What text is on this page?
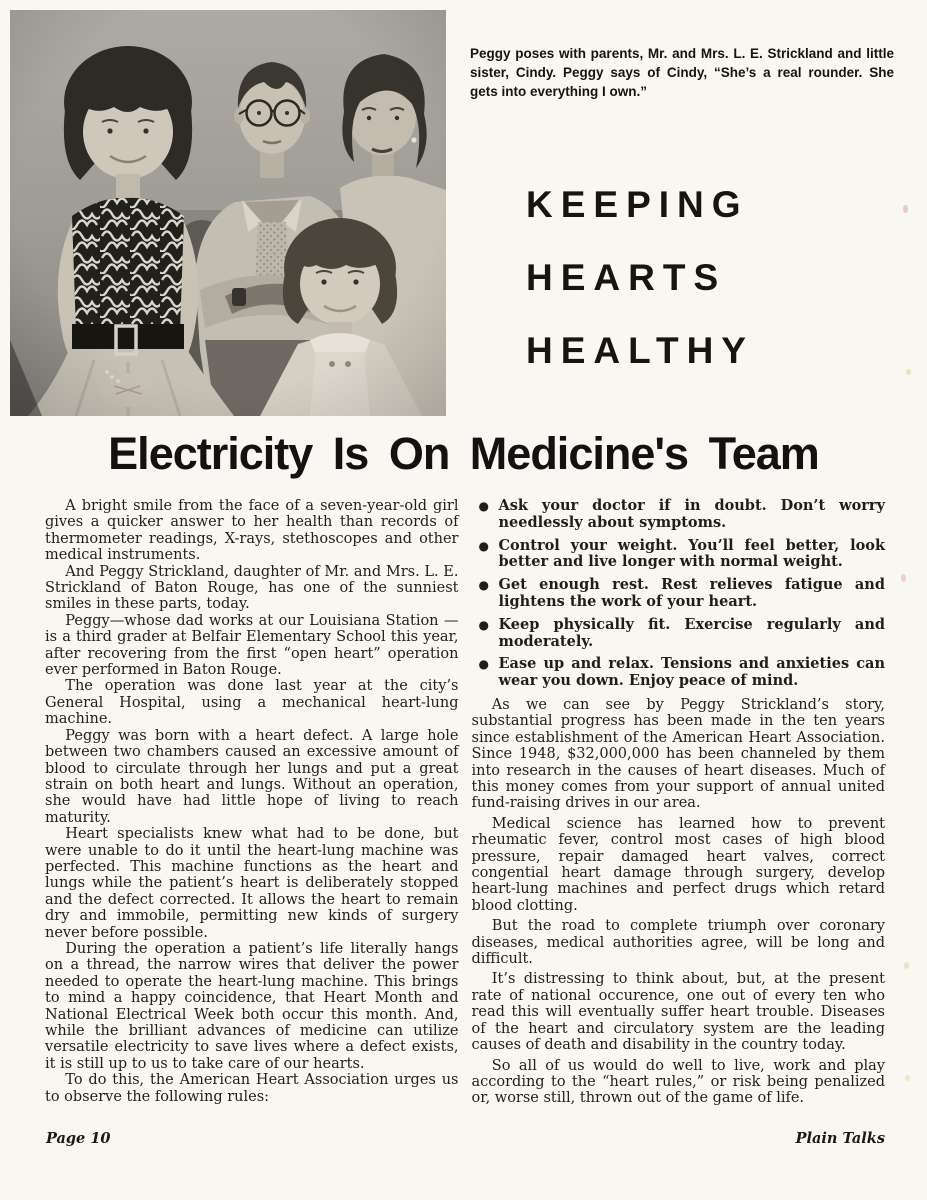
Peggy poses with parents, Mr. and Mrs. L. E. Strickland and little sister, Cindy. Peggy says of Cindy, “She’s a real rounder. She gets into everything I own.”

KEEPING
HEARTS
HEALTHY
Electricity Is On Medicine's Team

A bright smile from the face of a seven-year-old girl gives a quicker answer to her health than records of thermometer readings, X-rays, stethoscopes and other medical instruments.

And Peggy Strickland, daughter of Mr. and Mrs. L. E. Strickland of Baton Rouge, has one of the sunniest smiles in these parts, today.

Peggy—whose dad works at our Louisiana Station — is a third grader at Belfair Elementary School this year, after recovering from the first “open heart” operation ever performed in Baton Rouge.

The operation was done last year at the city’s General Hospital, using a mechanical heart-lung machine.

Peggy was born with a heart defect. A large hole between two chambers caused an excessive amount of blood to circulate through her lungs and put a great strain on both heart and lungs. Without an operation, she would have had little hope of living to reach maturity.

Heart specialists knew what had to be done, but were unable to do it until the heart-lung machine was perfected. This machine functions as the heart and lungs while the patient’s heart is deliberately stopped and the defect corrected. It allows the heart to remain dry and immobile, permitting new kinds of surgery never before possible.

During the operation a patient’s life literally hangs on a thread, the narrow wires that deliver the power needed to operate the heart-lung machine. This brings to mind a happy coincidence, that Heart Month and National Electrical Week both occur this month. And, while the brilliant advances of medicine can utilize versatile electricity to save lives where a defect exists, it is still up to us to take care of our hearts.

To do this, the American Heart Association urges us to observe the following rules:

● Ask your doctor if in doubt. Don’t worry needlessly about symptoms.
● Control your weight. You’ll feel better, look better and live longer with normal weight.
● Get enough rest. Rest relieves fatigue and lightens the work of your heart.
● Keep physically fit. Exercise regularly and moderately.
● Ease up and relax. Tensions and anxieties can wear you down. Enjoy peace of mind.

As we can see by Peggy Strickland’s story, substantial progress has been made in the ten years since establishment of the American Heart Association. Since 1948, $32,000,000 has been channeled by them into research in the causes of heart diseases. Much of this money comes from your support of annual united fund-raising drives in our area.

Medical science has learned how to prevent rheumatic fever, control most cases of high blood pressure, repair damaged heart valves, correct congential heart damage through surgery, develop heart-lung machines and perfect drugs which retard blood clotting.

But the road to complete triumph over coronary diseases, medical authorities agree, will be long and difficult.

It’s distressing to think about, but, at the present rate of national occurence, one out of every ten who read this will eventually suffer heart trouble. Diseases of the heart and circulatory system are the leading causes of death and disability in the country today.

So all of us would do well to live, work and play according to the “heart rules,” or risk being penalized or, worse still, thrown out of the game of life.

Page 10	Plain Talks
